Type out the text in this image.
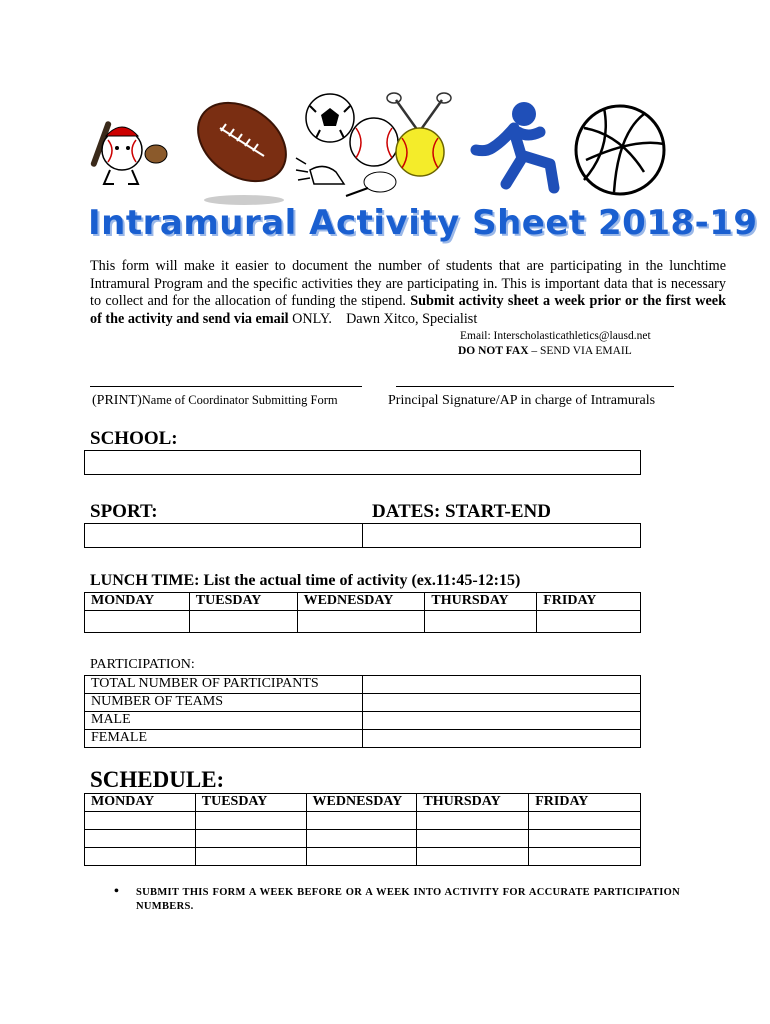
Intramural Activity Sheet 2018-19
This form will make it easier to document the number of students that are participating in the lunchtime Intramural Program and the specific activities they are participating in. This is important data that is necessary to collect and for the allocation of funding the stipend. Submit activity sheet a week prior or the first week of the activity and send via email ONLY. Dawn Xitco, Specialist
Email: Interscholasticathletics@lausd.net
DO NOT FAX – SEND VIA EMAIL
(PRINT)Name of Coordinator Submitting Form	Principal Signature/AP in charge of Intramurals
SCHOOL:
SPORT:	DATES: START-END
LUNCH TIME: List the actual time of activity (ex.11:45-12:15)
MONDAY	TUESDAY	WEDNESDAY	THURSDAY	FRIDAY

PARTICIPATION:
TOTAL NUMBER OF PARTICIPANTS	
NUMBER OF TEAMS	
MALE	
FEMALE	
SCHEDULE:
MONDAY	TUESDAY	WEDNESDAY	THURSDAY	FRIDAY

• SUBMIT THIS FORM A WEEK BEFORE OR A WEEK INTO ACTIVITY FOR ACCURATE PARTICIPATION NUMBERS.
